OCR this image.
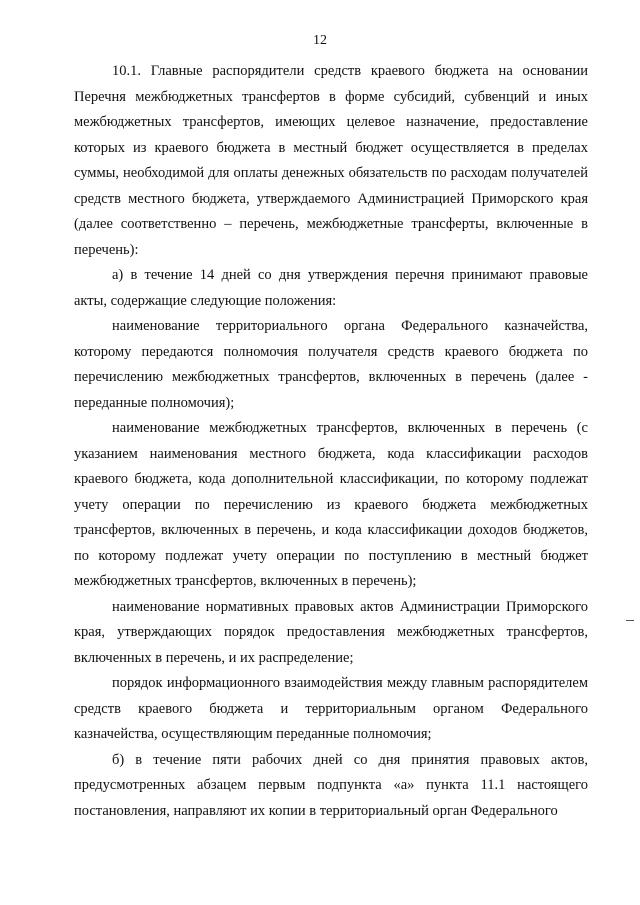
12

10.1. Главные распорядители средств краевого бюджета на основании Перечня межбюджетных трансфертов в форме субсидий, субвенций и иных межбюджетных трансфертов, имеющих целевое назначение, предоставление которых из краевого бюджета в местный бюджет осуществляется в пределах суммы, необходимой для оплаты денежных обязательств по расходам получателей средств местного бюджета, утверждаемого Администрацией Приморского края (далее соответственно – перечень, межбюджетные трансферты, включенные в перечень):

а) в течение 14 дней со дня утверждения перечня принимают правовые акты, содержащие следующие положения:

наименование территориального органа Федерального казначейства, которому передаются полномочия получателя средств краевого бюджета по перечислению межбюджетных трансфертов, включенных в перечень (далее - переданные полномочия);

наименование межбюджетных трансфертов, включенных в перечень (с указанием наименования местного бюджета, кода классификации расходов краевого бюджета, кода дополнительной классификации, по которому подлежат учету операции по перечислению из краевого бюджета межбюджетных трансфертов, включенных в перечень, и кода классификации доходов бюджетов, по которому подлежат учету операции по поступлению в местный бюджет межбюджетных трансфертов, включенных в перечень);

наименование нормативных правовых актов Администрации Приморского края, утверждающих порядок предоставления межбюджетных трансфертов, включенных в перечень, и их распределение;

порядок информационного взаимодействия между главным распорядителем средств краевого бюджета и территориальным органом Федерального казначейства, осуществляющим переданные полномочия;

б) в течение пяти рабочих дней со дня принятия правовых актов, предусмотренных абзацем первым подпункта «а» пункта 11.1 настоящего постановления, направляют их копии в территориальный орган Федерального
